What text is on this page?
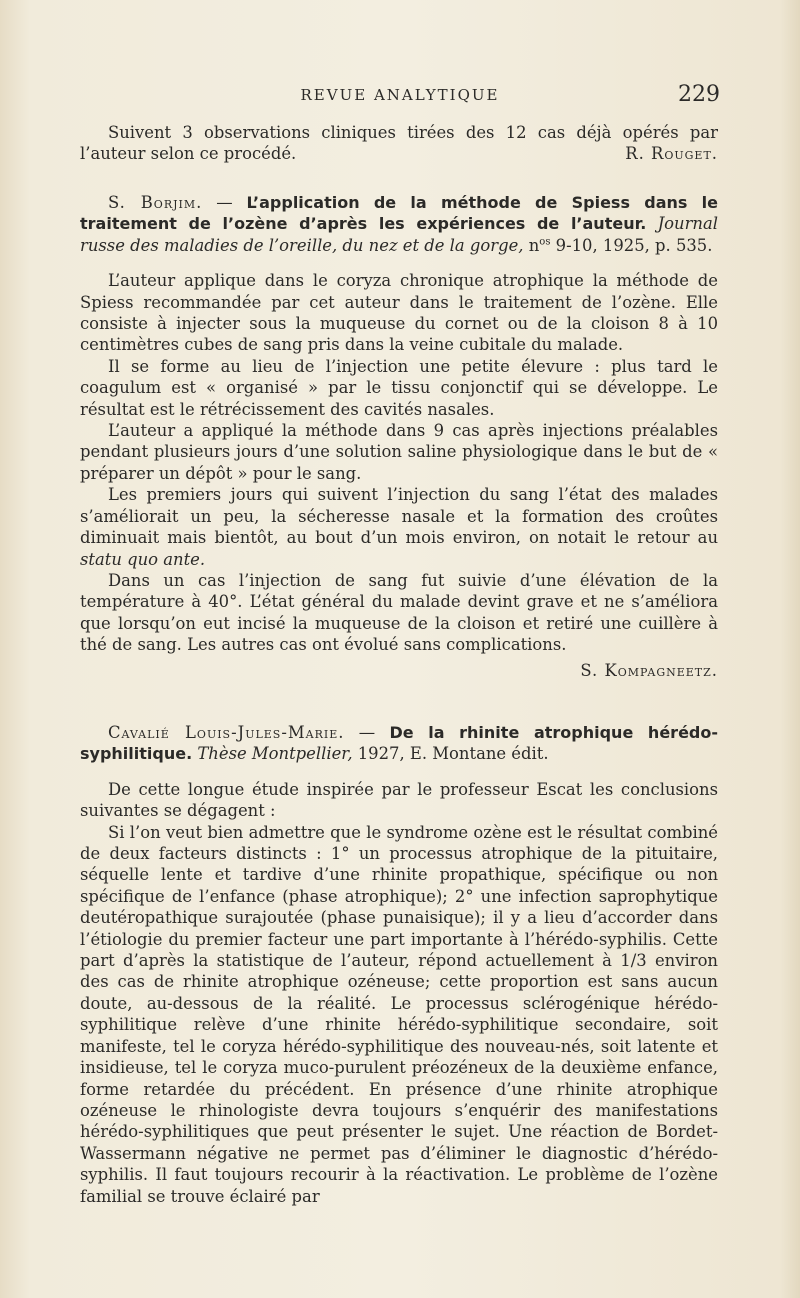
REVUE ANALYTIQUE	229

Suivent 3 observations cliniques tirées des 12 cas déjà opérés par l’auteur selon ce procédé.	R. Rouget.

S. Borjim. — L’application de la méthode de Spiess dans le traitement de l’ozène d’après les expériences de l’auteur. Journal russe des maladies de l’oreille, du nez et de la gorge, $n^{os}$ 9-10, 1925, p. 535.

L’auteur applique dans le coryza chronique atrophique la méthode de Spiess recommandée par cet auteur dans le traitement de l’ozène. Elle consiste à injecter sous la muqueuse du cornet ou de la cloison 8 à 10 centimètres cubes de sang pris dans la veine cubitale du malade.

Il se forme au lieu de l’injection une petite élevure : plus tard le coagulum est « organisé » par le tissu conjonctif qui se développe. Le résultat est le rétrécissement des cavités nasales.

L’auteur a appliqué la méthode dans 9 cas après injections préalables pendant plusieurs jours d’une solution saline physiologique dans le but de « préparer un dépôt » pour le sang.

Les premiers jours qui suivent l’injection du sang l’état des malades s’améliorait un peu, la sécheresse nasale et la formation des croûtes diminuait mais bientôt, au bout d’un mois environ, on notait le retour au statu quo ante.

Dans un cas l’injection de sang fut suivie d’une élévation de la température à 40°. L’état général du malade devint grave et ne s’améliora que lorsqu’on eut incisé la muqueuse de la cloison et retiré une cuillère à thé de sang. Les autres cas ont évolué sans complications.

S. Kompagneetz.

Cavalié Louis-Jules-Marie. — De la rhinite atrophique hérédo-syphilitique. Thèse Montpellier, 1927, E. Montane édit.

De cette longue étude inspirée par le professeur Escat les conclusions suivantes se dégagent :

Si l’on veut bien admettre que le syndrome ozène est le résultat combiné de deux facteurs distincts : 1° un processus atrophique de la pituitaire, séquelle lente et tardive d’une rhinite propathique, spécifique ou non spécifique de l’enfance (phase atrophique); 2° une infection saprophytique deutéropathique surajoutée (phase punaisique); il y a lieu d’accorder dans l’étiologie du premier facteur une part importante à l’hérédo-syphilis. Cette part d’après la statistique de l’auteur, répond actuellement à 1/3 environ des cas de rhinite atrophique ozéneuse; cette proportion est sans aucun doute, au-dessous de la réalité. Le processus sclérogénique hérédo-syphilitique relève d’une rhinite hérédo-syphilitique secondaire, soit manifeste, tel le coryza hérédo-syphilitique des nouveau-nés, soit latente et insidieuse, tel le coryza muco-purulent préozéneux de la deuxième enfance, forme retardée du précédent. En présence d’une rhinite atrophique ozéneuse le rhinologiste devra toujours s’enquérir des manifestations hérédo-syphilitiques que peut présenter le sujet. Une réaction de Bordet-Wassermann négative ne permet pas d’éliminer le diagnostic d’hérédo-syphilis. Il faut toujours recourir à la réactivation. Le problème de l’ozène familial se trouve éclairé par
